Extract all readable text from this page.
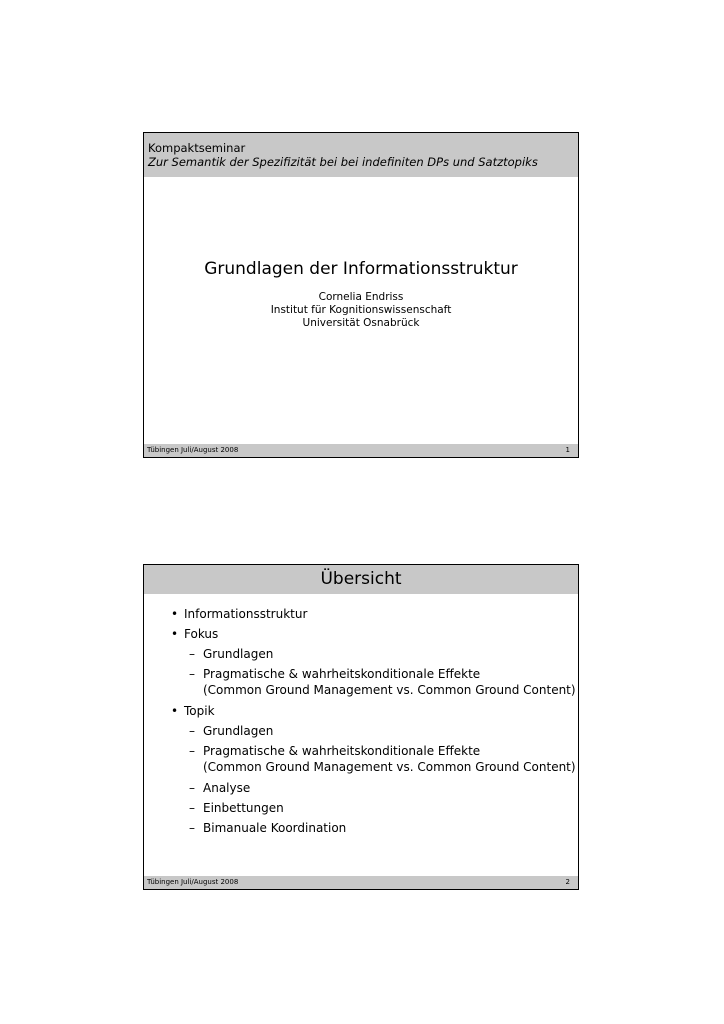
Kompaktseminar
Zur Semantik der Spezifizität bei bei indefiniten DPs und Satztopiks
Grundlagen der Informationsstruktur
Cornelia Endriss
Institut für Kognitionswissenschaft
Universität Osnabrück
Tübingen Juli/August 2008	1
Übersicht
• Informationsstruktur
• Fokus
– Grundlagen
– Pragmatische & wahrheitskonditionale Effekte
(Common Ground Management vs. Common Ground Content)
• Topik
– Grundlagen
– Pragmatische & wahrheitskonditionale Effekte
(Common Ground Management vs. Common Ground Content)
– Analyse
– Einbettungen
– Bimanuale Koordination
Tübingen Juli/August 2008	2
